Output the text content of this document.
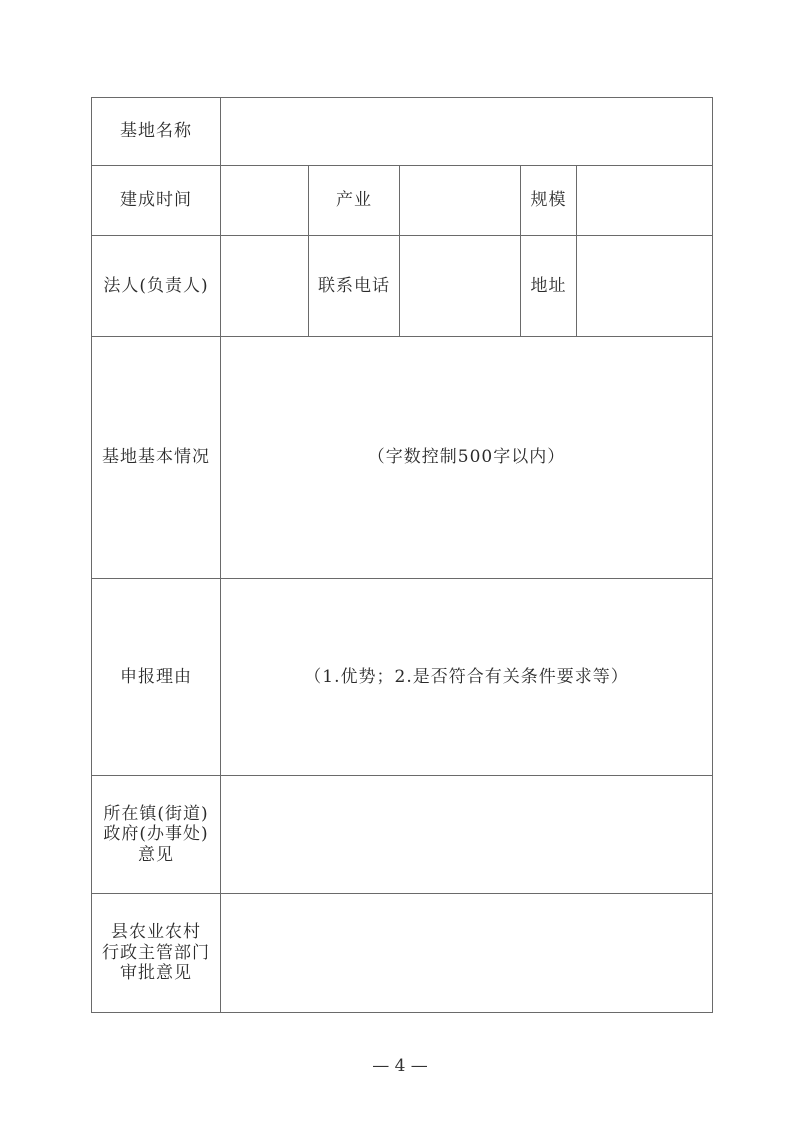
基地名称					
建成时间		产业		规模	
法人(负责人)		联系电话		地址	
基地基本情况	（字数控制500字以内）				
申报理由	（1.优势；2.是否符合有关条件要求等）				

所在镇(街道)
政府(办事处)
意见					

县农业农村
行政主管部门
审批意见					

— 4 —
